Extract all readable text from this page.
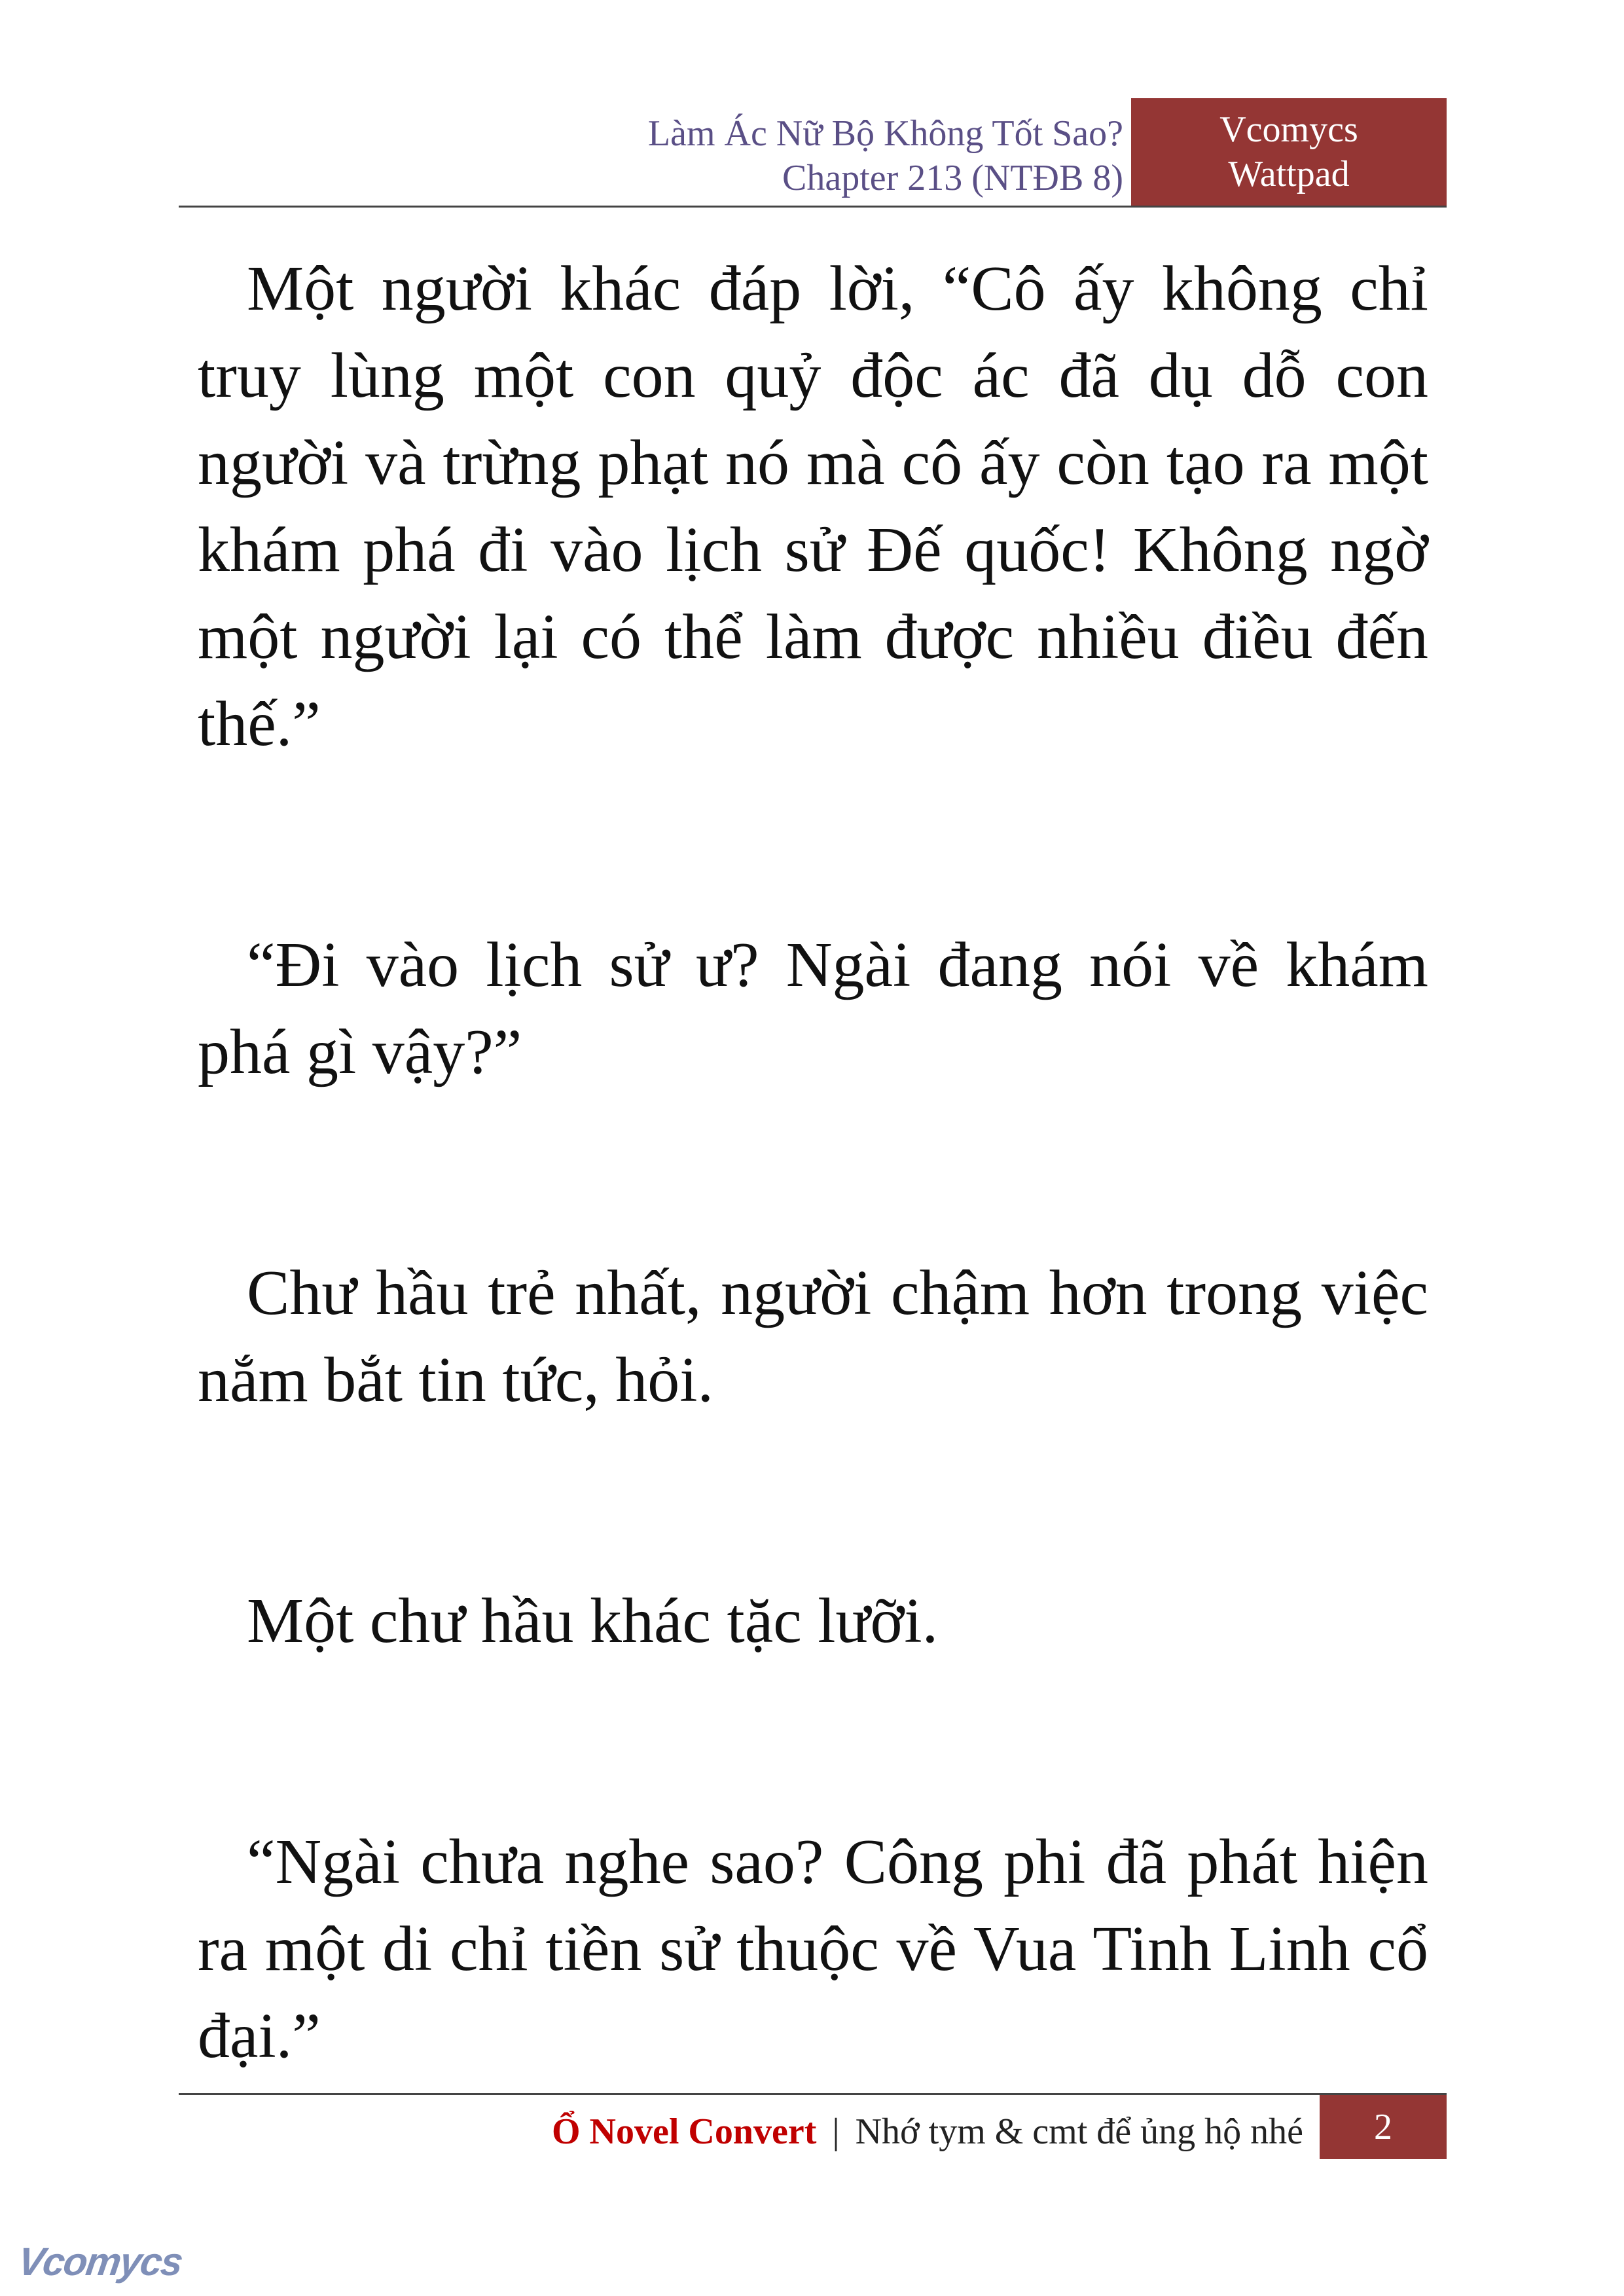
Làm Ác Nữ Bộ Không Tốt Sao?
Chapter 213 (NTĐB 8)
Vcomycs
Wattpad

Một người khác đáp lời, “Cô ấy không chỉ truy lùng một con quỷ độc ác đã dụ dỗ con người và trừng phạt nó mà cô ấy còn tạo ra một khám phá đi vào lịch sử Đế quốc! Không ngờ một người lại có thể làm được nhiều điều đến thế.”

“Đi vào lịch sử ư? Ngài đang nói về khám phá gì vậy?”

Chư hầu trẻ nhất, người chậm hơn trong việc nắm bắt tin tức, hỏi.

Một chư hầu khác tặc lưỡi.

“Ngài chưa nghe sao? Công phi đã phát hiện ra một di chỉ tiền sử thuộc về Vua Tinh Linh cổ đại.”

Ổ Novel Convert | Nhớ tym & cmt để ủng hộ nhé	2
Vcomycs
